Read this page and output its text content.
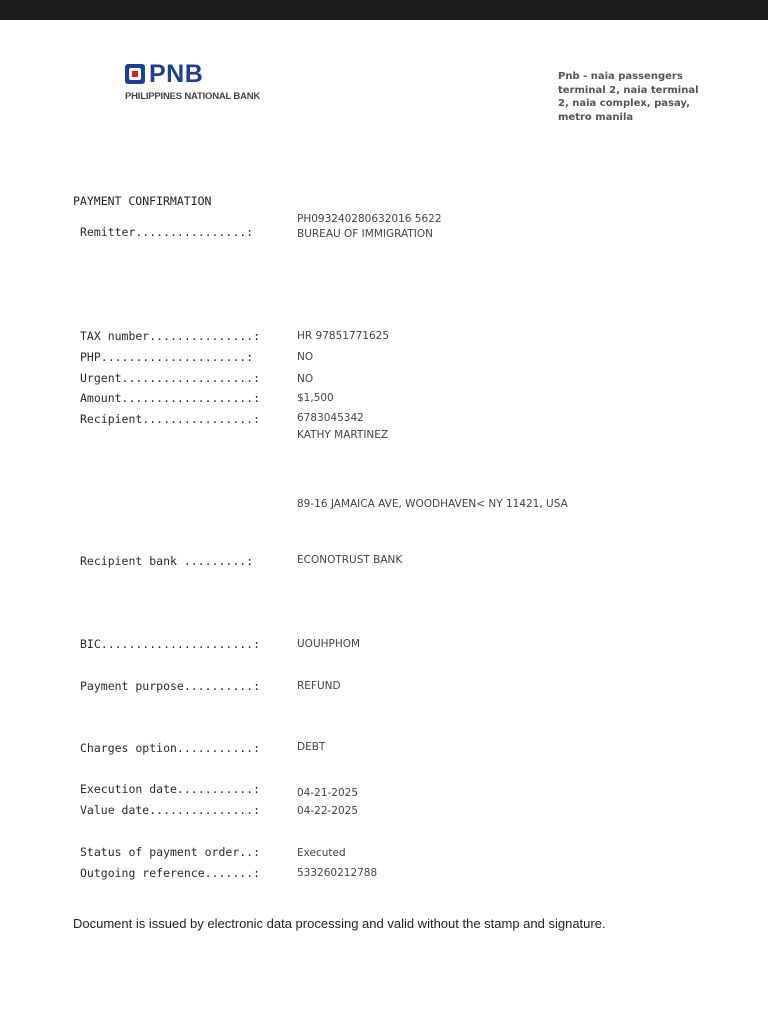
PNB
PHILIPPINES NATIONAL BANK
Pnb - naia passengers terminal 2, naia terminal 2, naia complex, pasay, metro manila
PAYMENT CONFIRMATION
Remitter................:
PH093240280632016 5622
BUREAU OF IMMIGRATION
TAX number...............:	HR 97851771625
PHP.....................:	NO
Urgent...................:	NO
Amount...................:	$1,500
Recipient................:	6783045342
KATHY MARTINEZ
89-16 JAMAICA AVE, WOODHAVEN< NY 11421, USA
Recipient bank .........:	ECONOTRUST BANK
BIC......................:	UOUHPHOM
Payment purpose..........:	REFUND
Charges option...........:	DEBT
Execution date...........:	04-21-2025
Value date...............:	04-22-2025
Status of payment order..:	Executed
Outgoing reference.......:	533260212788
Document is issued by electronic data processing and valid without the stamp and signature.
